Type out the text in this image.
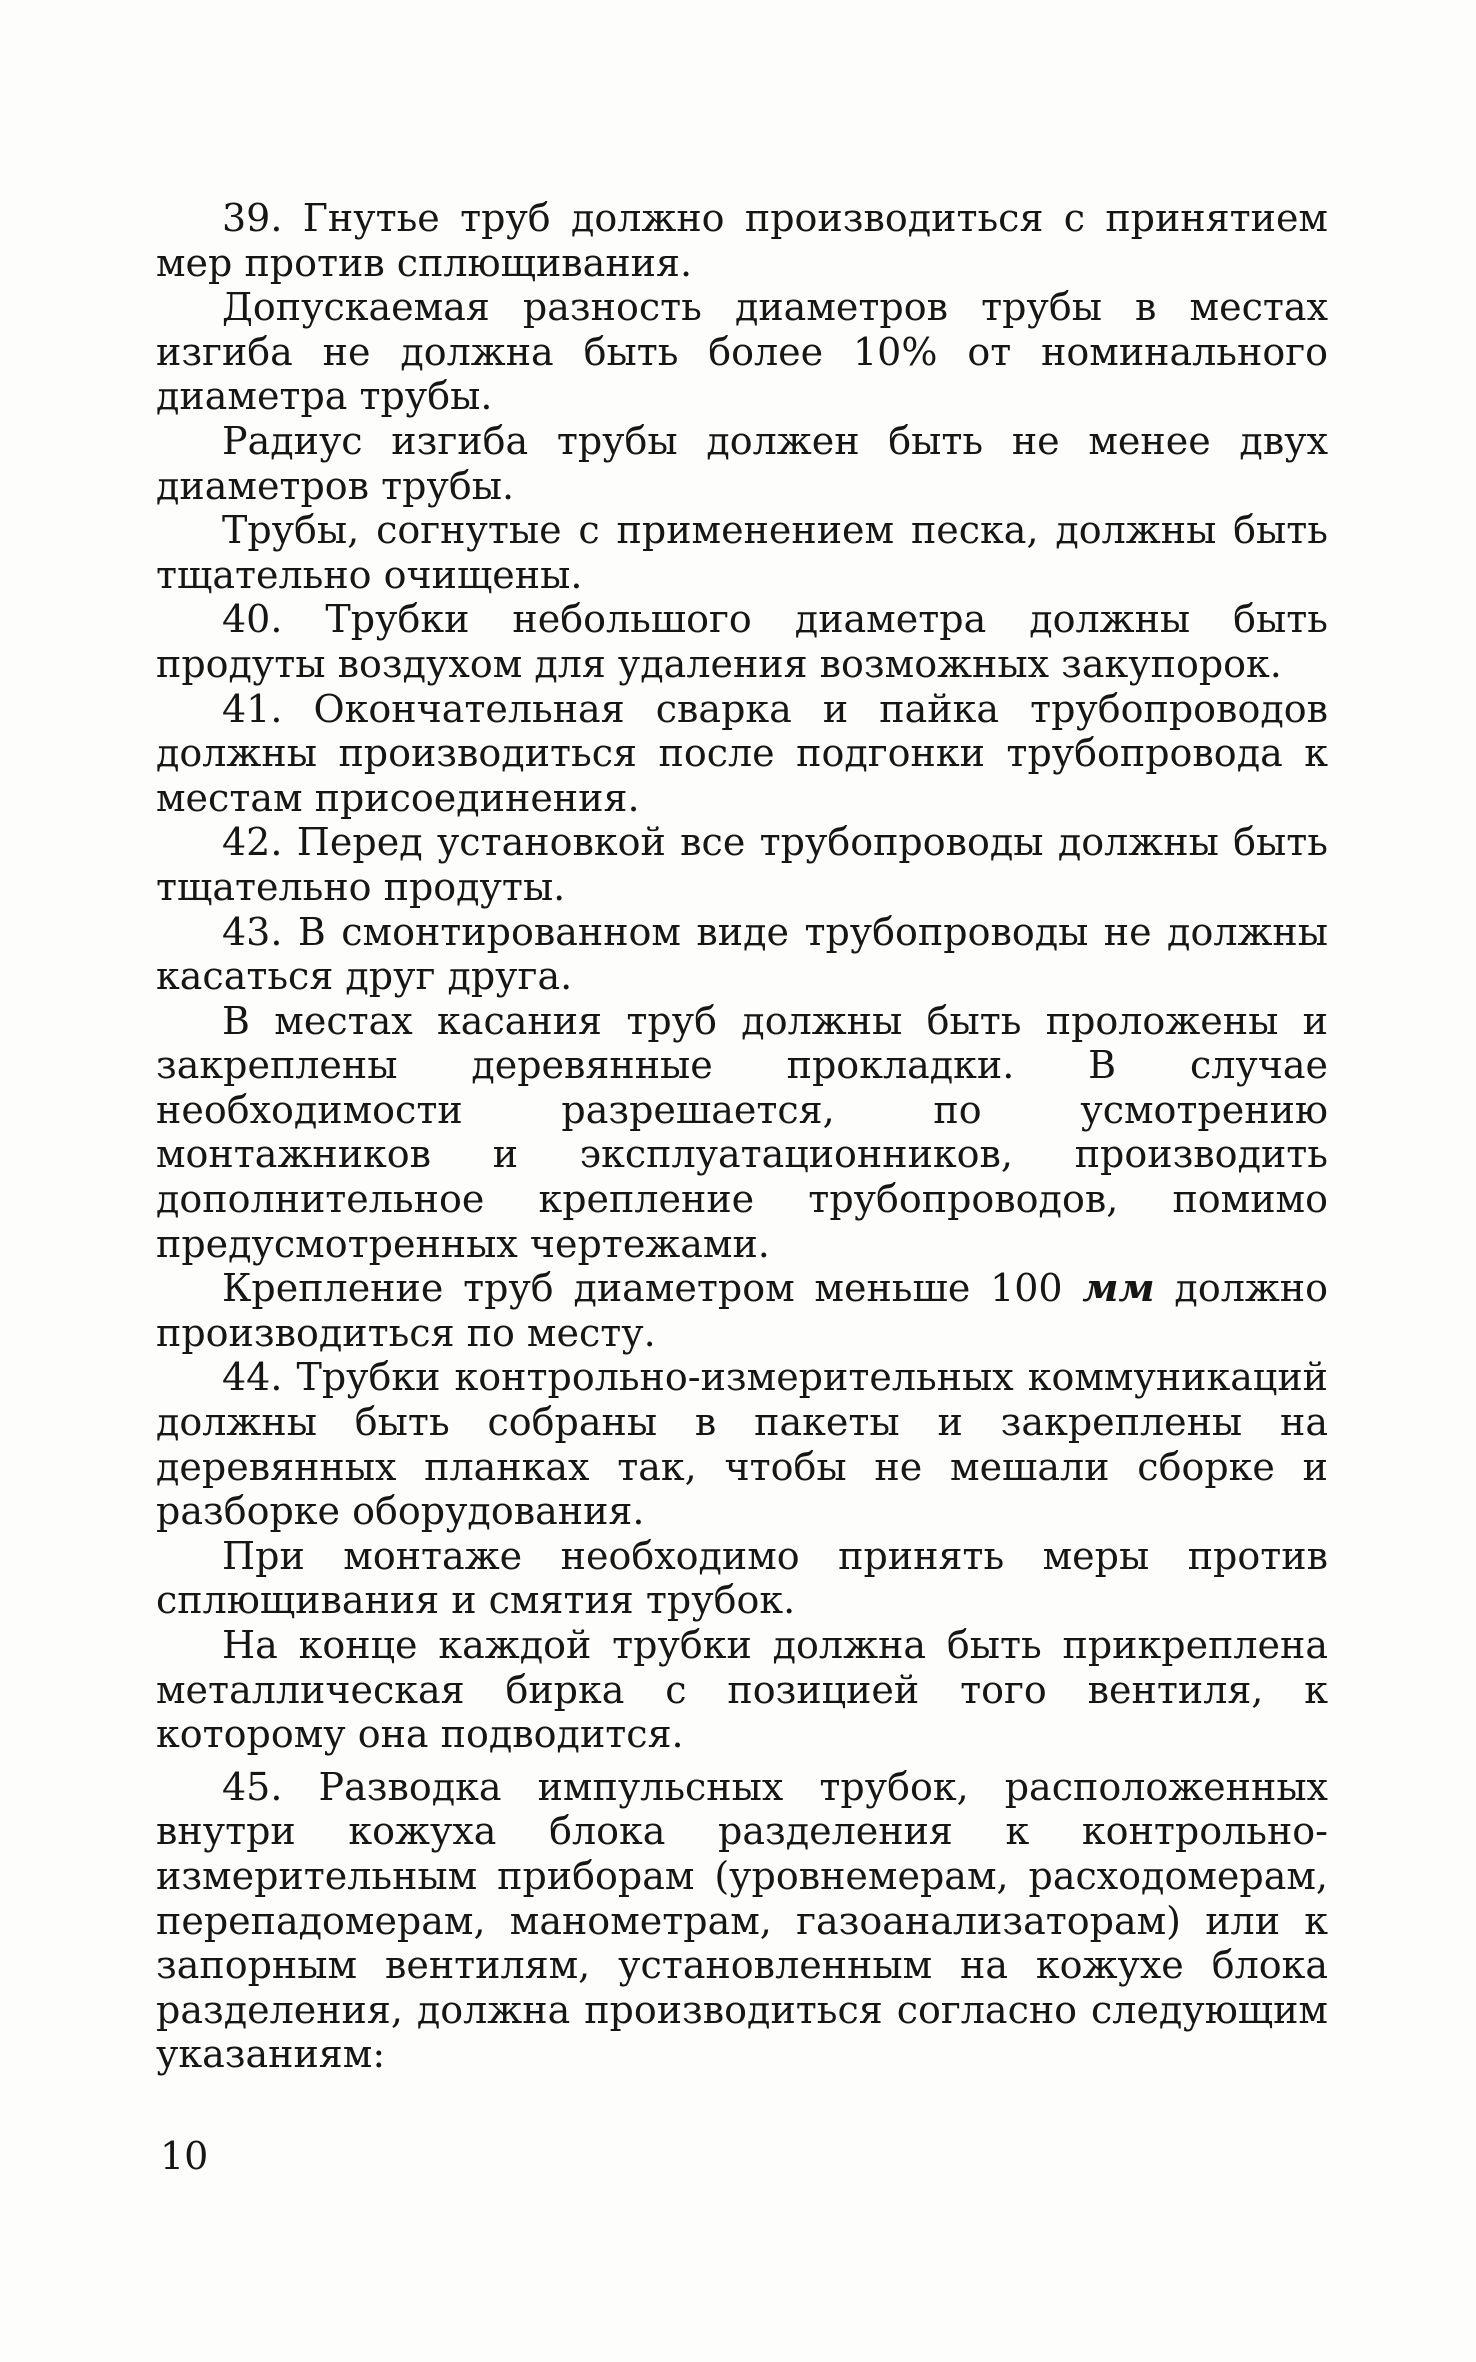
39. Гнутье труб должно производиться с принятием мер против сплющивания.

Допускаемая разность диаметров трубы в местах изгиба не должна быть более 10% от номинального диаметра трубы.

Радиус изгиба трубы должен быть не менее двух диаметров трубы.

Трубы, согнутые с применением песка, должны быть тщательно очищены.

40. Трубки небольшого диаметра должны быть продуты воздухом для удаления возможных закупорок.

41. Окончательная сварка и пайка трубопроводов должны производиться после подгонки трубопровода к местам присоединения.

42. Перед установкой все трубопроводы должны быть тщательно продуты.

43. В смонтированном виде трубопроводы не должны касаться друг друга.

В местах касания труб должны быть проложены и закреплены деревянные прокладки. В случае необходимости разрешается, по усмотрению монтажников и эксплуатационников, производить дополнительное крепление трубопроводов, помимо предусмотренных чертежами.

Крепление труб диаметром меньше 100 мм должно производиться по месту.

44. Трубки контрольно-измерительных коммуникаций должны быть собраны в пакеты и закреплены на деревянных планках так, чтобы не мешали сборке и разборке оборудования.

При монтаже необходимо принять меры против сплющивания и смятия трубок.

На конце каждой трубки должна быть прикреплена металлическая бирка с позицией того вентиля, к которому она подводится.

45. Разводка импульсных трубок, расположенных внутри кожуха блока разделения к контрольно-измерительным приборам (уровнемерам, расходомерам, перепадомерам, манометрам, газоанализаторам) или к запорным вентилям, установленным на кожухе блока разделения, должна производиться согласно следующим указаниям:

10
